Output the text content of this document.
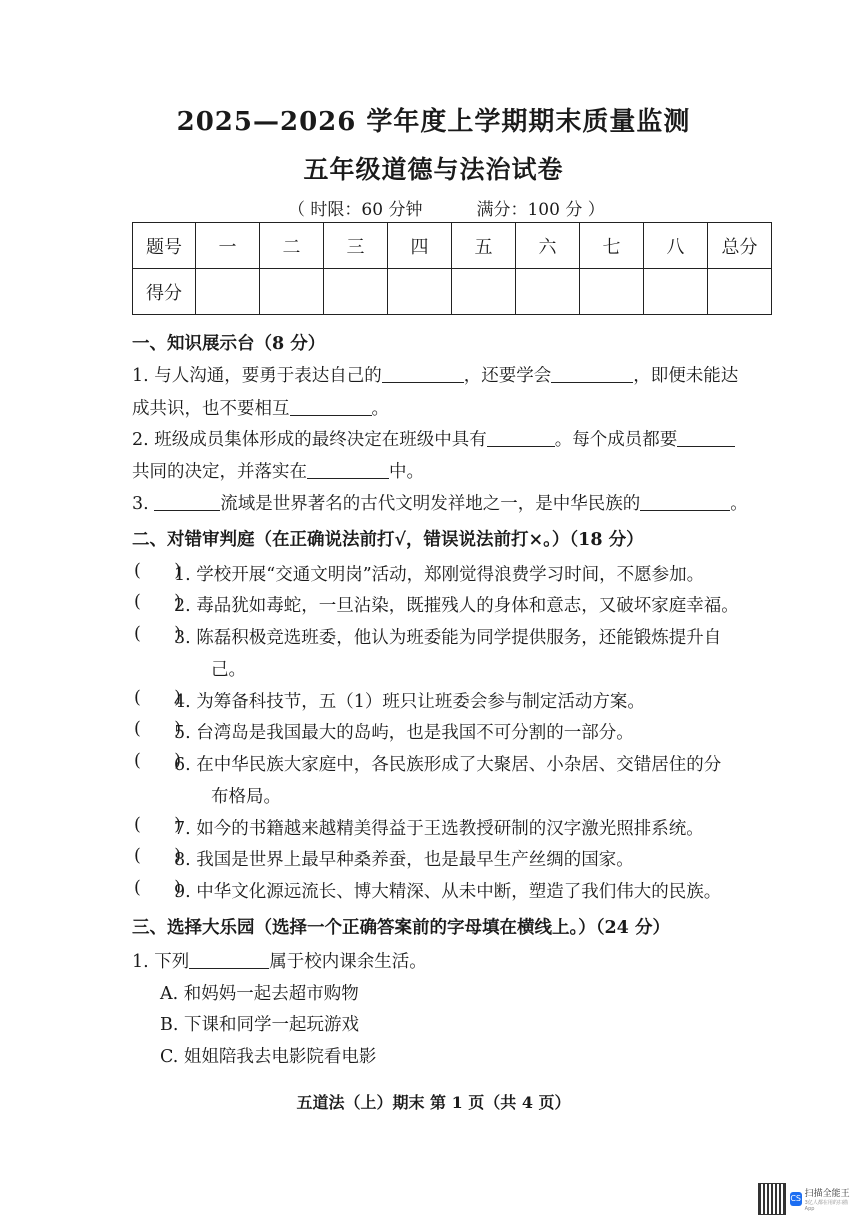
2025—2026 学年度上学期期末质量监测
五年级道德与法治试卷
（ 时限：60 分钟          满分：100 分 ）
题号	一	二	三	四	五	六	七	八	总分
得分									
一、知识展示台（8 分）
1. 与人沟通，要勇于表达自己的	，还要学会	，即便未能达
成共识，也不要相互	。
2. 班级成员集体形成的最终决定在班级中具有	。每个成员都要
共同的决定，并落实在	中。
3.	流域是世界著名的古代文明发祥地之一，是中华民族的	。
二、对错审判庭（在正确说法前打√，错误说法前打×。）（18 分）
(      )
1. 学校开展“交通文明岗”活动，郑刚觉得浪费学习时间，不愿参加。
(      )
2. 毒品犹如毒蛇，一旦沾染，既摧残人的身体和意志，又破坏家庭幸福。
(      )
3. 陈磊积极竞选班委，他认为班委能为同学提供服务，还能锻炼提升自
己。
(      )
4. 为筹备科技节，五（1）班只让班委会参与制定活动方案。
(      )
5. 台湾岛是我国最大的岛屿，也是我国不可分割的一部分。
(      )
6. 在中华民族大家庭中，各民族形成了大聚居、小杂居、交错居住的分
布格局。
(      )
7. 如今的书籍越来越精美得益于王选教授研制的汉字激光照排系统。
(      )
8. 我国是世界上最早种桑养蚕，也是最早生产丝绸的国家。
(      )
9. 中华文化源远流长、博大精深、从未中断，塑造了我们伟大的民族。
三、选择大乐园（选择一个正确答案前的字母填在横线上。）（24 分）
1. 下列	属于校内课余生活。
A. 和妈妈一起去超市购物
B. 下课和同学一起玩游戏
C. 姐姐陪我去电影院看电影
五道法（上）期末 第 1 页（共 4 页）
CS 扫描全能王
3亿人都在用的扫描App
